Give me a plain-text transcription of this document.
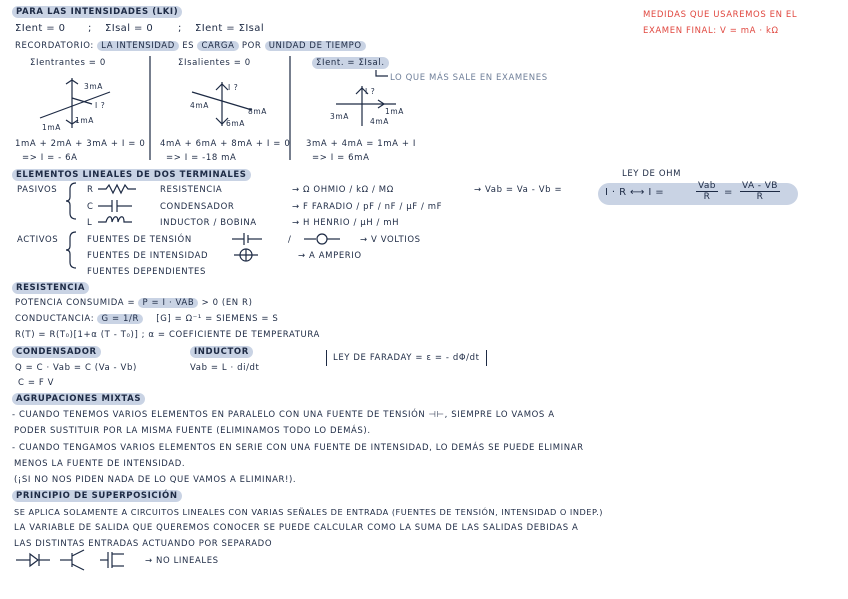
PARA LAS INTENSIDADES (LKI)
ΣIent = 0 ; ΣIsal = 0 ; ΣIent = ΣIsal
RECORDATORIO: LA INTENSIDAD ES CARGA POR UNIDAD DE TIEMPO
ΣIentrantes = 0	ΣIsalientes = 0	ΣIent. = ΣIsal.
LO QUE MÁS SALE EN EXAMENES
3mA
I ?
1mA
1mA
I ?
4mA
8mA
6mA
I ?
3mA
1mA
4mA
1mA + 2mA + 3mA + I = 0
=> I = - 6A
4mA + 6mA + 8mA + I = 0
=> I = -18 mA
3mA + 4mA = 1mA + I
=> I = 6mA
MEDIDAS QUE USAREMOS EN EL
EXAMEN FINAL: V = mA · kΩ
ELEMENTOS LINEALES DE DOS TERMINALES
PASIVOS	R	RESISTENCIA	→ Ω OHMIO / kΩ / MΩ
C	CONDENSADOR	→ F FARADIO / pF / nF / μF / mF
L	INDUCTOR / BOBINA	→ H HENRIO / μH / mH
→ Vab = Va - Vb =
LEY DE OHM
I · R ⟷ I =
Vab
R	= $\frac{VA - VB}{R}$
ACTIVOS	FUENTES DE TENSIÓN	/	→ V VOLTIOS
FUENTES DE INTENSIDAD	→ A AMPERIO
FUENTES DEPENDIENTES
RESISTENCIA
POTENCIA CONSUMIDA = P = I · VAB > 0 (EN R)
CONDUCTANCIA: G = 1/R [G] = Ω⁻¹ = SIEMENS = S
R(T) = R(T₀)[1+α (T - T₀)] ; α = COEFICIENTE DE TEMPERATURA
CONDENSADOR
Q = C · Vab = C (Va - Vb)
C = F V
INDUCTOR
Vab = L · di/dt
LEY DE FARADAY = ε = - dΦ/dt
AGRUPACIONES MIXTAS
- CUANDO TENEMOS VARIOS ELEMENTOS EN PARALELO CON UNA FUENTE DE TENSIÓN ⊣⊢, SIEMPRE LO VAMOS A
PODER SUSTITUIR POR LA MISMA FUENTE (ELIMINAMOS TODO LO DEMÁS).
- CUANDO TENGAMOS VARIOS ELEMENTOS EN SERIE CON UNA FUENTE DE INTENSIDAD, LO DEMÁS SE PUEDE ELIMINAR
MENOS LA FUENTE DE INTENSIDAD.
(¡SI NO NOS PIDEN NADA DE LO QUE VAMOS A ELIMINAR!).
PRINCIPIO DE SUPERPOSICIÓN
SE APLICA SOLAMENTE A CIRCUITOS LINEALES CON VARIAS SEÑALES DE ENTRADA (FUENTES DE TENSIÓN, INTENSIDAD O INDEP.)
LA VARIABLE DE SALIDA QUE QUEREMOS CONOCER SE PUEDE CALCULAR COMO LA SUMA DE LAS SALIDAS DEBIDAS A
LAS DISTINTAS ENTRADAS ACTUANDO POR SEPARADO
→ NO LINEALES
